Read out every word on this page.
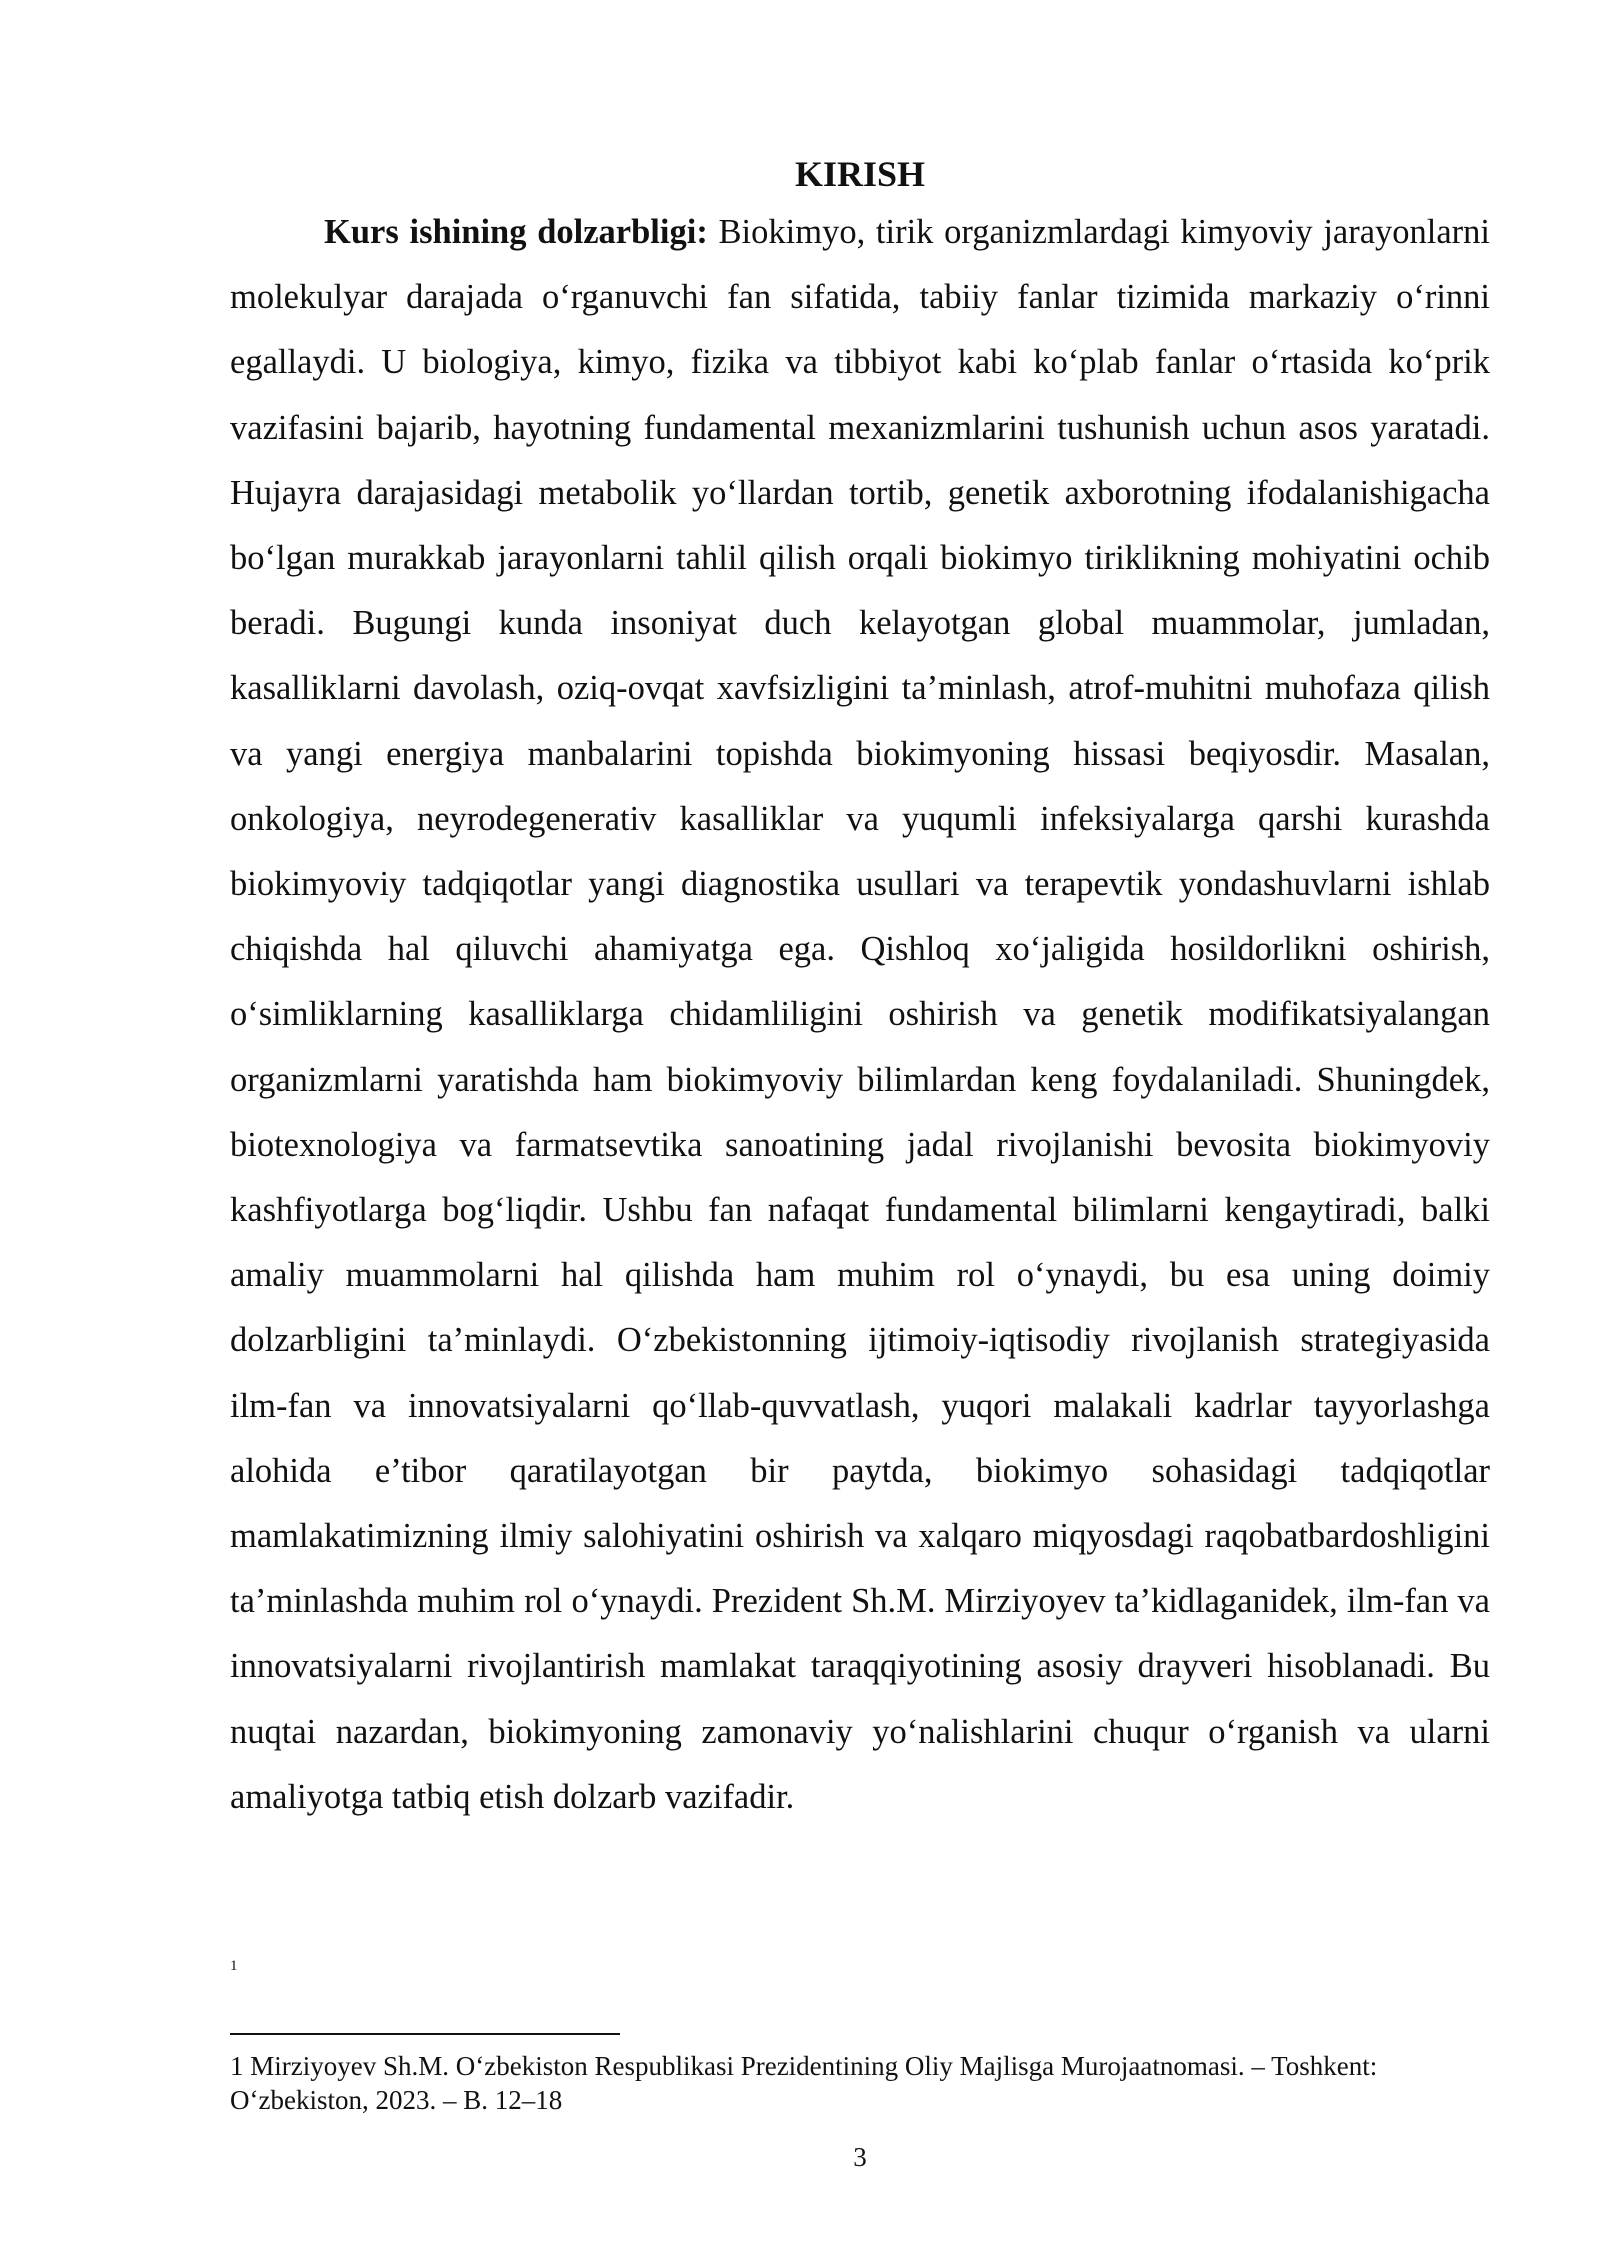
KIRISH

Kurs ishining dolzarbligi: Biokimyo, tirik organizmlardagi kimyoviy jarayonlarni molekulyar darajada o‘rganuvchi fan sifatida, tabiiy fanlar tizimida markaziy o‘rinni egallaydi. U biologiya, kimyo, fizika va tibbiyot kabi ko‘plab fanlar o‘rtasida ko‘prik vazifasini bajarib, hayotning fundamental mexanizmlarini tushunish uchun asos yaratadi. Hujayra darajasidagi metabolik yo‘llardan tortib, genetik axborotning ifodalanishigacha bo‘lgan murakkab jarayonlarni tahlil qilish orqali biokimyo tiriklikning mohiyatini ochib beradi. Bugungi kunda insoniyat duch kelayotgan global muammolar, jumladan, kasalliklarni davolash, oziq-ovqat xavfsizligini ta’minlash, atrof-muhitni muhofaza qilish va yangi energiya manbalarini topishda biokimyoning hissasi beqiyosdir. Masalan, onkologiya, neyrodegenerativ kasalliklar va yuqumli infeksiyalarga qarshi kurashda biokimyoviy tadqiqotlar yangi diagnostika usullari va terapevtik yondashuvlarni ishlab chiqishda hal qiluvchi ahamiyatga ega. Qishloq xo‘jaligida hosildorlikni oshirish, o‘simliklarning kasalliklarga chidamliligini oshirish va genetik modifikatsiyalangan organizmlarni yaratishda ham biokimyoviy bilimlardan keng foydalaniladi. Shuningdek, biotexnologiya va farmatsevtika sanoatining jadal rivojlanishi bevosita biokimyoviy kashfiyotlarga bog‘liqdir. Ushbu fan nafaqat fundamental bilimlarni kengaytiradi, balki amaliy muammolarni hal qilishda ham muhim rol o‘ynaydi, bu esa uning doimiy dolzarbligini ta’minlaydi. O‘zbekistonning ijtimoiy-iqtisodiy rivojlanish strategiyasida ilm-fan va innovatsiyalarni qo‘llab-quvvatlash, yuqori malakali kadrlar tayyorlashga alohida e’tibor qaratilayotgan bir paytda, biokimyo sohasidagi tadqiqotlar mamlakatimizning ilmiy salohiyatini oshirish va xalqaro miqyosdagi raqobatbardoshligini ta’minlashda muhim rol o‘ynaydi. Prezident Sh.M. Mirziyoyev ta’kidlaganidek, ilm-fan va innovatsiyalarni rivojlantirish mamlakat taraqqiyotining asosiy drayveri hisoblanadi. Bu nuqtai nazardan, biokimyoning zamonaviy yo‘nalishlarini chuqur o‘rganish va ularni amaliyotga tatbiq etish dolzarb vazifadir.

1

1 Mirziyoyev Sh.M. O‘zbekiston Respublikasi Prezidentining Oliy Majlisga Murojaatnomasi. – Toshkent: O‘zbekiston, 2023. – B. 12–18

3
